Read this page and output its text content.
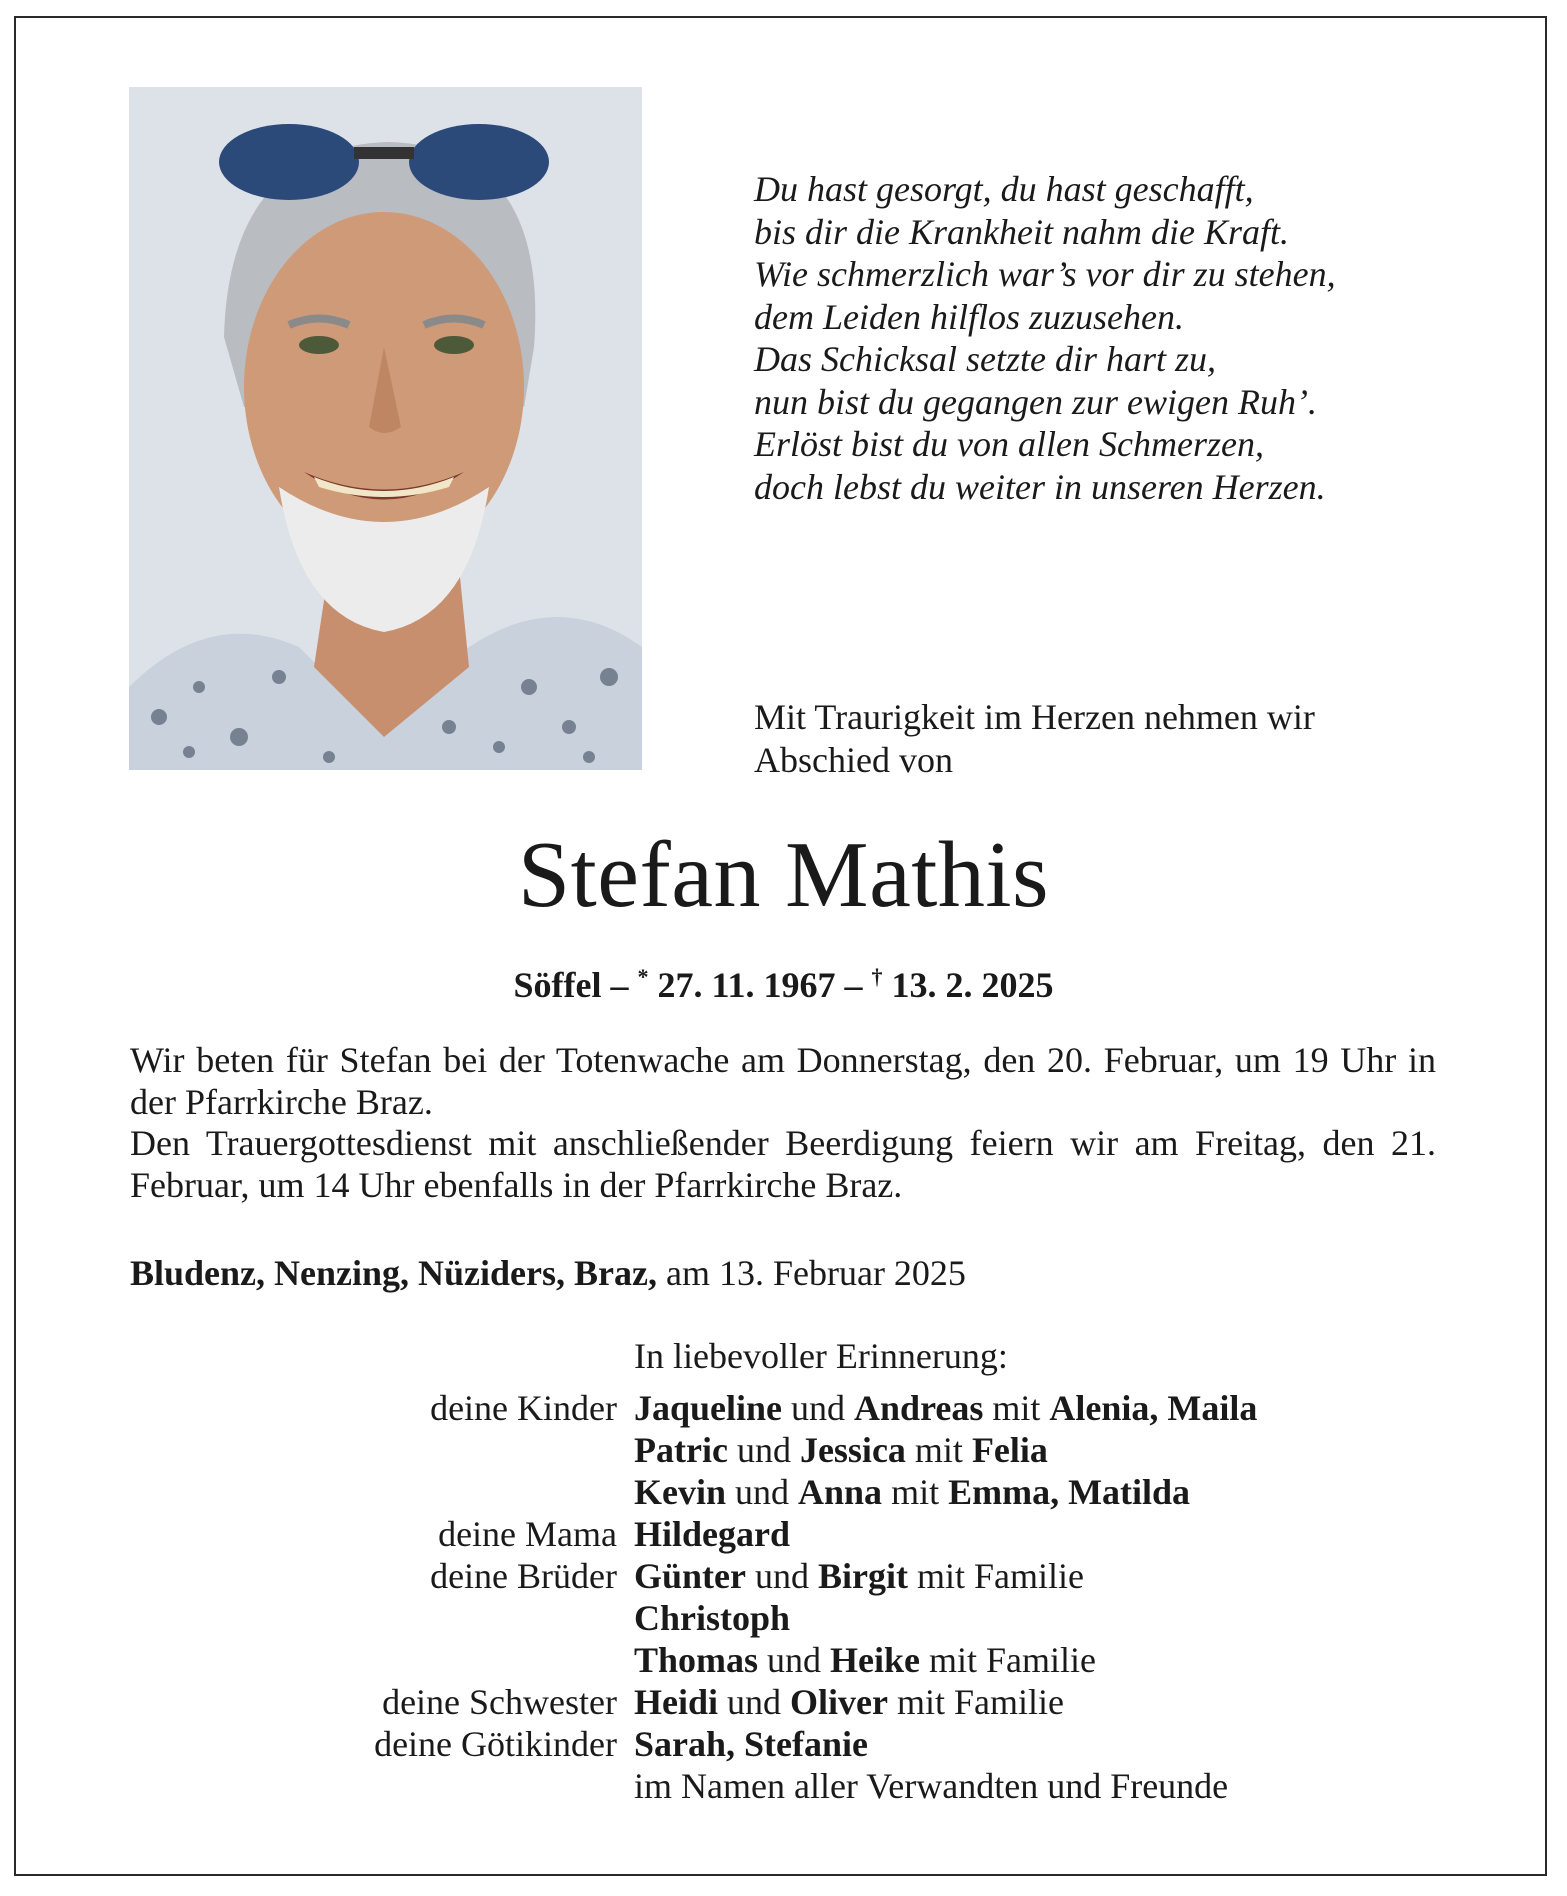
Du hast gesorgt, du hast geschafft,
bis dir die Krankheit nahm die Kraft.
Wie schmerzlich war’s vor dir zu stehen,
dem Leiden hilflos zuzusehen.
Das Schicksal setzte dir hart zu,
nun bist du gegangen zur ewigen Ruh’.
Erlöst bist du von allen Schmerzen,
doch lebst du weiter in unseren Herzen.
Mit Traurigkeit im Herzen nehmen wir
Abschied von
Stefan Mathis
Söffel – * 27. 11. 1967 – † 13. 2. 2025

Wir beten für Stefan bei der Totenwache am Donnerstag, den 20. Februar, um 19 Uhr in der Pfarrkirche Braz.

Den Trauergottesdienst mit anschließender Beerdigung feiern wir am Freitag, den 21. Februar, um 14 Uhr ebenfalls in der Pfarrkirche Braz.

Bludenz, Nenzing, Nüziders, Braz, am 13. Februar 2025
In liebevoller Erinnerung:
deine Kinder Jaqueline und Andreas mit Alenia, Maila
Patric und Jessica mit Felia
Kevin und Anna mit Emma, Matilda
deine Mama Hildegard
deine Brüder Günter und Birgit mit Familie
Christoph
Thomas und Heike mit Familie
deine Schwester Heidi und Oliver mit Familie
deine Götikinder Sarah, Stefanie
im Namen aller Verwandten und Freunde
